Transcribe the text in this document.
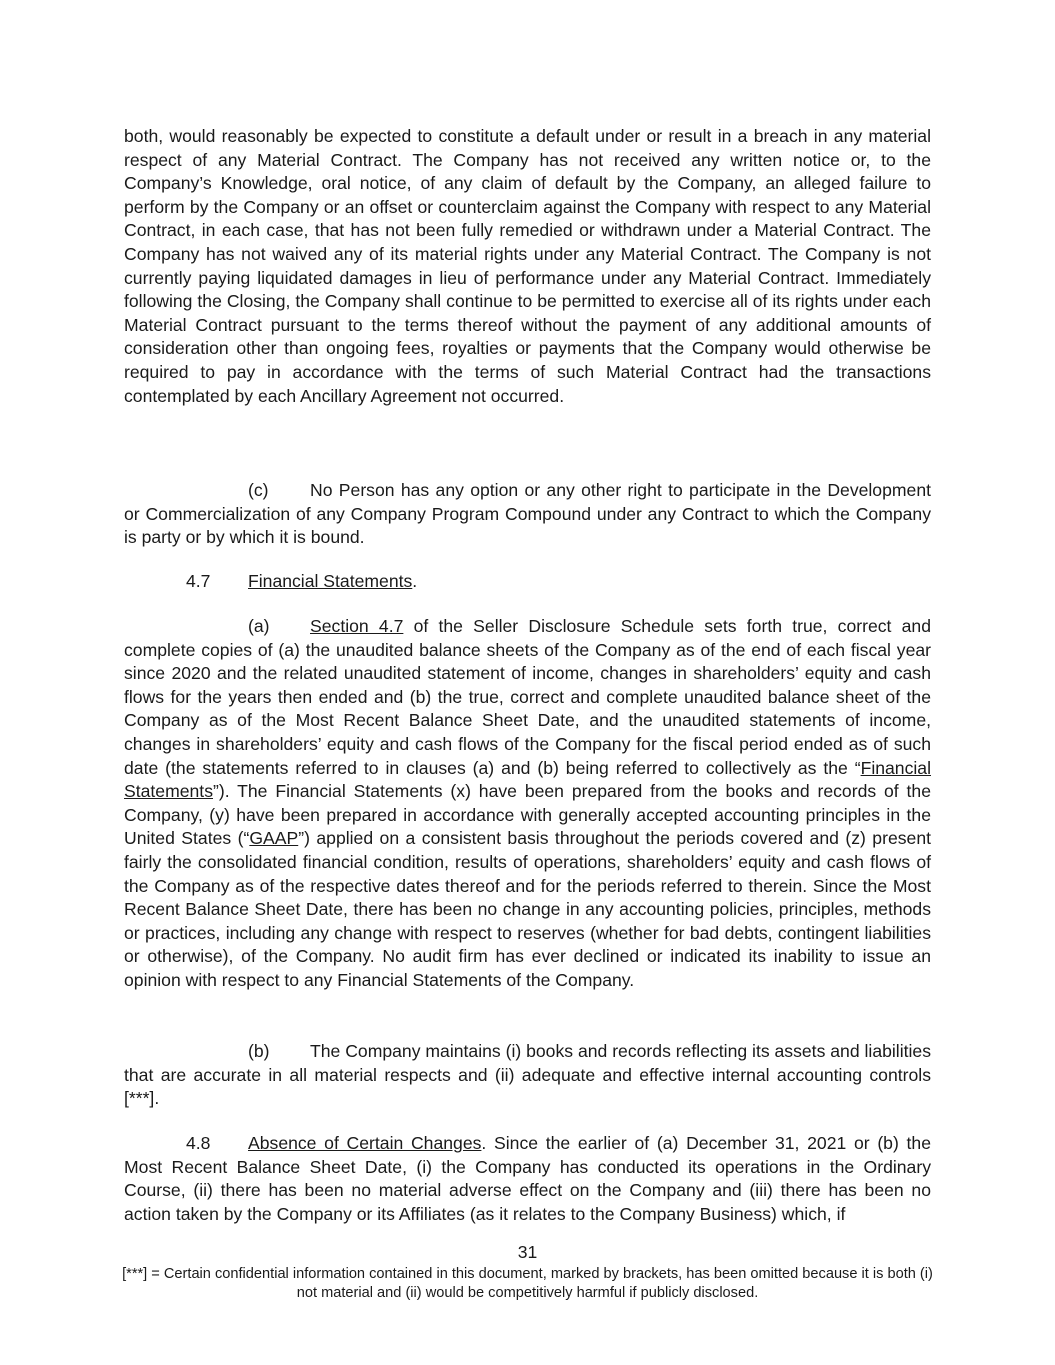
both, would reasonably be expected to constitute a default under or result in a breach in any material respect of any Material Contract. The Company has not received any written notice or, to the Company’s Knowledge, oral notice, of any claim of default by the Company, an alleged failure to perform by the Company or an offset or counterclaim against the Company with respect to any Material Contract, in each case, that has not been fully remedied or withdrawn under a Material Contract. The Company has not waived any of its material rights under any Material Contract. The Company is not currently paying liquidated damages in lieu of performance under any Material Contract. Immediately following the Closing, the Company shall continue to be permitted to exercise all of its rights under each Material Contract pursuant to the terms thereof without the payment of any additional amounts of consideration other than ongoing fees, royalties or payments that the Company would otherwise be required to pay in accordance with the terms of such Material Contract had the transactions contemplated by each Ancillary Agreement not occurred.

(c) No Person has any option or any other right to participate in the Development or Commercialization of any Company Program Compound under any Contract to which the Company is party or by which it is bound.

4.7 Financial Statements.

(a) Section 4.7 of the Seller Disclosure Schedule sets forth true, correct and complete copies of (a) the unaudited balance sheets of the Company as of the end of each fiscal year since 2020 and the related unaudited statement of income, changes in shareholders’ equity and cash flows for the years then ended and (b) the true, correct and complete unaudited balance sheet of the Company as of the Most Recent Balance Sheet Date, and the unaudited statements of income, changes in shareholders’ equity and cash flows of the Company for the fiscal period ended as of such date (the statements referred to in clauses (a) and (b) being referred to collectively as the “Financial Statements”). The Financial Statements (x) have been prepared from the books and records of the Company, (y) have been prepared in accordance with generally accepted accounting principles in the United States (“GAAP”) applied on a consistent basis throughout the periods covered and (z) present fairly the consolidated financial condition, results of operations, shareholders’ equity and cash flows of the Company as of the respective dates thereof and for the periods referred to therein. Since the Most Recent Balance Sheet Date, there has been no change in any accounting policies, principles, methods or practices, including any change with respect to reserves (whether for bad debts, contingent liabilities or otherwise), of the Company. No audit firm has ever declined or indicated its inability to issue an opinion with respect to any Financial Statements of the Company.

(b) The Company maintains (i) books and records reflecting its assets and liabilities that are accurate in all material respects and (ii) adequate and effective internal accounting controls [***].

4.8 Absence of Certain Changes. Since the earlier of (a) December 31, 2021 or (b) the Most Recent Balance Sheet Date, (i) the Company has conducted its operations in the Ordinary Course, (ii) there has been no material adverse effect on the Company and (iii) there has been no action taken by the Company or its Affiliates (as it relates to the Company Business) which, if

31
[***] = Certain confidential information contained in this document, marked by brackets, has been omitted because it is both (i) not material and (ii) would be competitively harmful if publicly disclosed.
